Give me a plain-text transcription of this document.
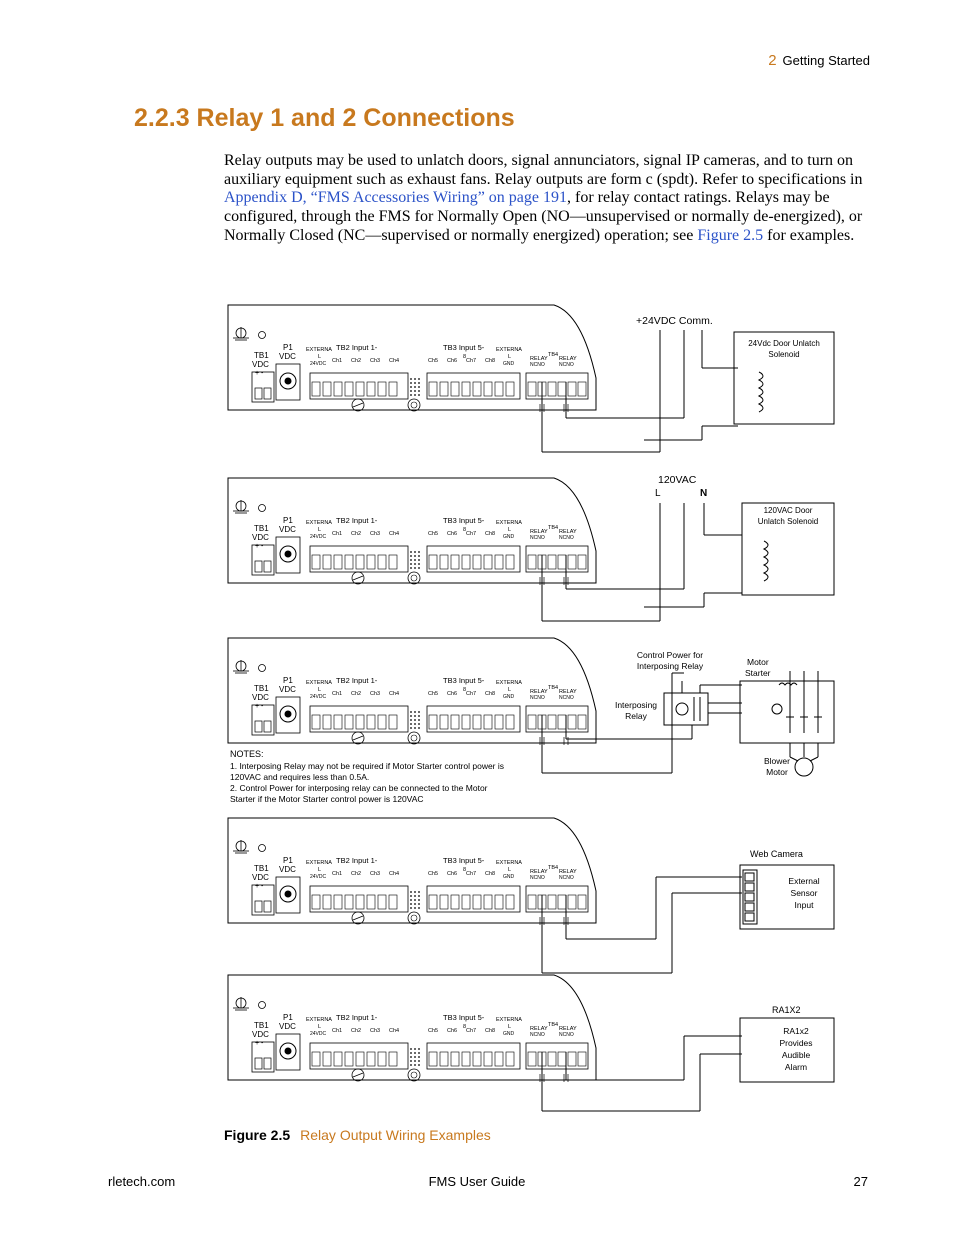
2 Getting Started
2.2.3 Relay 1 and 2 Connections

Relay outputs may be used to unlatch doors, signal annunciators, signal IP cameras, and to turn on auxiliary equipment such as exhaust fans. Relay outputs are form c (spdt). Refer to specifications in Appendix D, “FMS Accessories Wiring” on page 191, for relay contact ratings. Relays may be configured, through the FMS for Normally Open (NO—unsupervised or normally de-energized), or Normally Closed (NC—supervised or normally energized) operation; see Figure 2.5 for examples.

TB1
VDC
+ -
P1
VDC
EXTERNA
L
24VDC
TB2 Input 1-
Ch1 Ch2 Ch3 Ch4
TB3 Input 5-
8
Ch5 Ch6 Ch7 Ch8
EXTERNA
L
GND
TB4
RELAY RELAY
NCNO	NCNO
+24VDC Comm.
24Vdc Door Unlatch
Solenoid
TB1
VDC
+ -
P1
VDC
EXTERNA
L
24VDC
TB2 Input 1-
Ch1 Ch2 Ch3 Ch4
TB3 Input 5-
8
Ch5 Ch6 Ch7 Ch8
EXTERNA
L
GND
TB4
RELAY RELAY
NCNO	NCNO
120VAC
L	N
120VAC Door
Unlatch Solenoid
TB1
VDC
+ -
P1
VDC
EXTERNA
L
24VDC
TB2 Input 1-
Ch1 Ch2 Ch3 Ch4
TB3 Input 5-
8
Ch5 Ch6 Ch7 Ch8
EXTERNA
L
GND
TB4
RELAY RELAY
NCNO	NCNO
Control Power for
Interposing Relay
Interposing
Relay
Motor
Starter
Blower
Motor
NOTES:
1. Interposing Relay may not be required if Motor Starter control power is
120VAC and requires less than 0.5A.
2. Control Power for interposing relay can be connected to the Motor
Starter if the Motor Starter control power is 120VAC
TB1
VDC
+ -
P1
VDC
EXTERNA
L
24VDC
TB2 Input 1-
Ch1 Ch2 Ch3 Ch4
TB3 Input 5-
8
Ch5 Ch6 Ch7 Ch8
EXTERNA
L
GND
TB4
RELAY RELAY
NCNO	NCNO
Web Camera
External
Sensor
Input
TB1
VDC
+ -
P1
VDC
EXTERNA
L
24VDC
TB2 Input 1-
Ch1 Ch2 Ch3 Ch4
TB3 Input 5-
8
Ch5 Ch6 Ch7 Ch8
EXTERNA
L
GND
TB4
RELAY RELAY
NCNO	NCNO
RA1X2
RA1x2
Provides
Audible
Alarm
Figure 2.5 Relay Output Wiring Examples
rletech.com	FMS User Guide	27
